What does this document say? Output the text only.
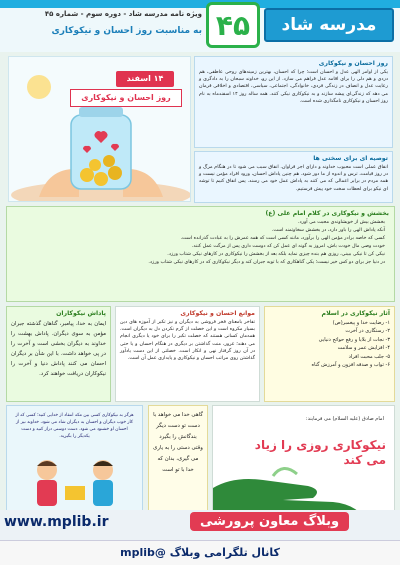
مدرسه شاد
۴۵
ویژه نامه مدرسه شاد - دوره سوم - شماره ۴۵
به مناسبت روز احسان و نیکوکاری
۱۴ اسفند
روز احسان و نیکوکاری
روز احسان و نیکوکاری
یکی از اوامر الهی عدل و احسان است؛ چرا که احسان، بهترین زمینه‌های روحی عاطفی، هم دردی و هم دلی را برای اقامه عدل فراهم می سازد. از این رو، خداوند سبحان را به دادگری و رعایت عدل و انصاف در زندگی فردی، خانوادگی، اجتماعی، سیاسی، اقتصادی و اخلاقی فرمان می دهد که زندگی‌ای پیشه سازند و به نیکوکاری نیکی کنند. همه ساله روز ۱۴ اسفندماه به نام روز احسان و نیکوکاری نامگذاری شده است.
توصیه ای برای سختی ها
انفاق عملی است محبوب خداوند و دارای اجر فراوان. انفاق سبب می شود تا در هنگام مرگ و در روز قیامت، ترس و اندوه از ما دور شود. هم چنین پاداش احسان، ورود افراد مؤمن نیست و همه مردم در برابر اعمالی که می کنند به پاداش عمل خود می رسند. پس انفاق کنیم تا توشه ای نیکو برای لحظات سخت خود پیش فرستیم.
بخشش و نیکوکاری در کلام امام علی (ع)
بخشش بیش از خویشاوندی محبت می آورد.
آنکه پاداش الهی را باور دارد، در بخشش سخاوتمند است.
کسی که خاصه برادر مؤمن الهی را برآورد، مانند کسی است که همه عمرش را به عبادت گذرانده است.
خودت وصی مال خودت باش، امروز به گونه ای عمل کن که دوست داری پس از مرگت عمل کنند.
نیکی کن تا نیکی ببینی، روزی هم بنده چیزی نماید بلکه بعد از بخشش را نیکوکاری در کارهای نیکی شتاب ورزد.
در دنیا جز برای دو کس خیر نیست؛ یکی گناهکاری که با توبه جبران کند و دیگر نیکوکاری که در کارهای نیکی شتاب ورزد.
آثار نیکوکاری در اسلام
۱- رضایت خدا و پیغمبر(ص)
۲- رستگاری در آخرت
۳- نجات از بلایا و رفع حوائج دنیایی
۴- افزایش عمر و سلامت
۵- جلب محبت افراد
۶- ثواب و صدقه افزون و آمرزش گناه
موانع احسان و نیکوکاری
تفاخر بامعنای فخر فروشی به دیگران و نیز تکبر از آموزه های دین بسیار مکروه است و این خصلت از گرم نکردن دل به دیگران است. همه‌مان کسانی هستند که خصلت تکبر را برای خود یا دیگری انجام می دهند؛ غرور، منت گذاشتن بر دیگری در هنگام احسان و یا حتی در آن روز گرفتار نهی و انکار است. خصلتی از این دست یادآور گذاشتن روی مراتب احسان و نیکوکاری و پایداری عمل آن است.
پاداش نیکوکاران
ایمان به خدا، پیامبر، گناهان گذشته جبران مؤمن به سوی دیگران. پاداش بهشت را خداوند به دیگران بخشی است و آخرت را در پی خواهد داشت. با این شأن بر دیگران احسان می کنند پاداش دنیا و آخرت را نیکوکاران دریافت خواهند کرد.
هرگز به نیکوکاری کسی بین مکه انتقاد از خدایی کنید؛ کسی که از کار خوب دیگران و احسان به دیگران شاد می شود، خداوند نیز از احسان او خشنود می شود. دست دوستی دراز کنید و دست یکدیگر را بگیرید.
گاهی خدا می خواهد با دست تو دست دیگر بندگانش را بگیرد وقتی دستی را به یاری می گیری، بدان که خدا با تو است
امام صادق (علیه السلام) می فرمایند:
نیکوکاری روزی را زیاد می کند
www.mplib.ir	وبلاگ معاون پرورشی
کانال تلگرامی وبلاگ @mplib
